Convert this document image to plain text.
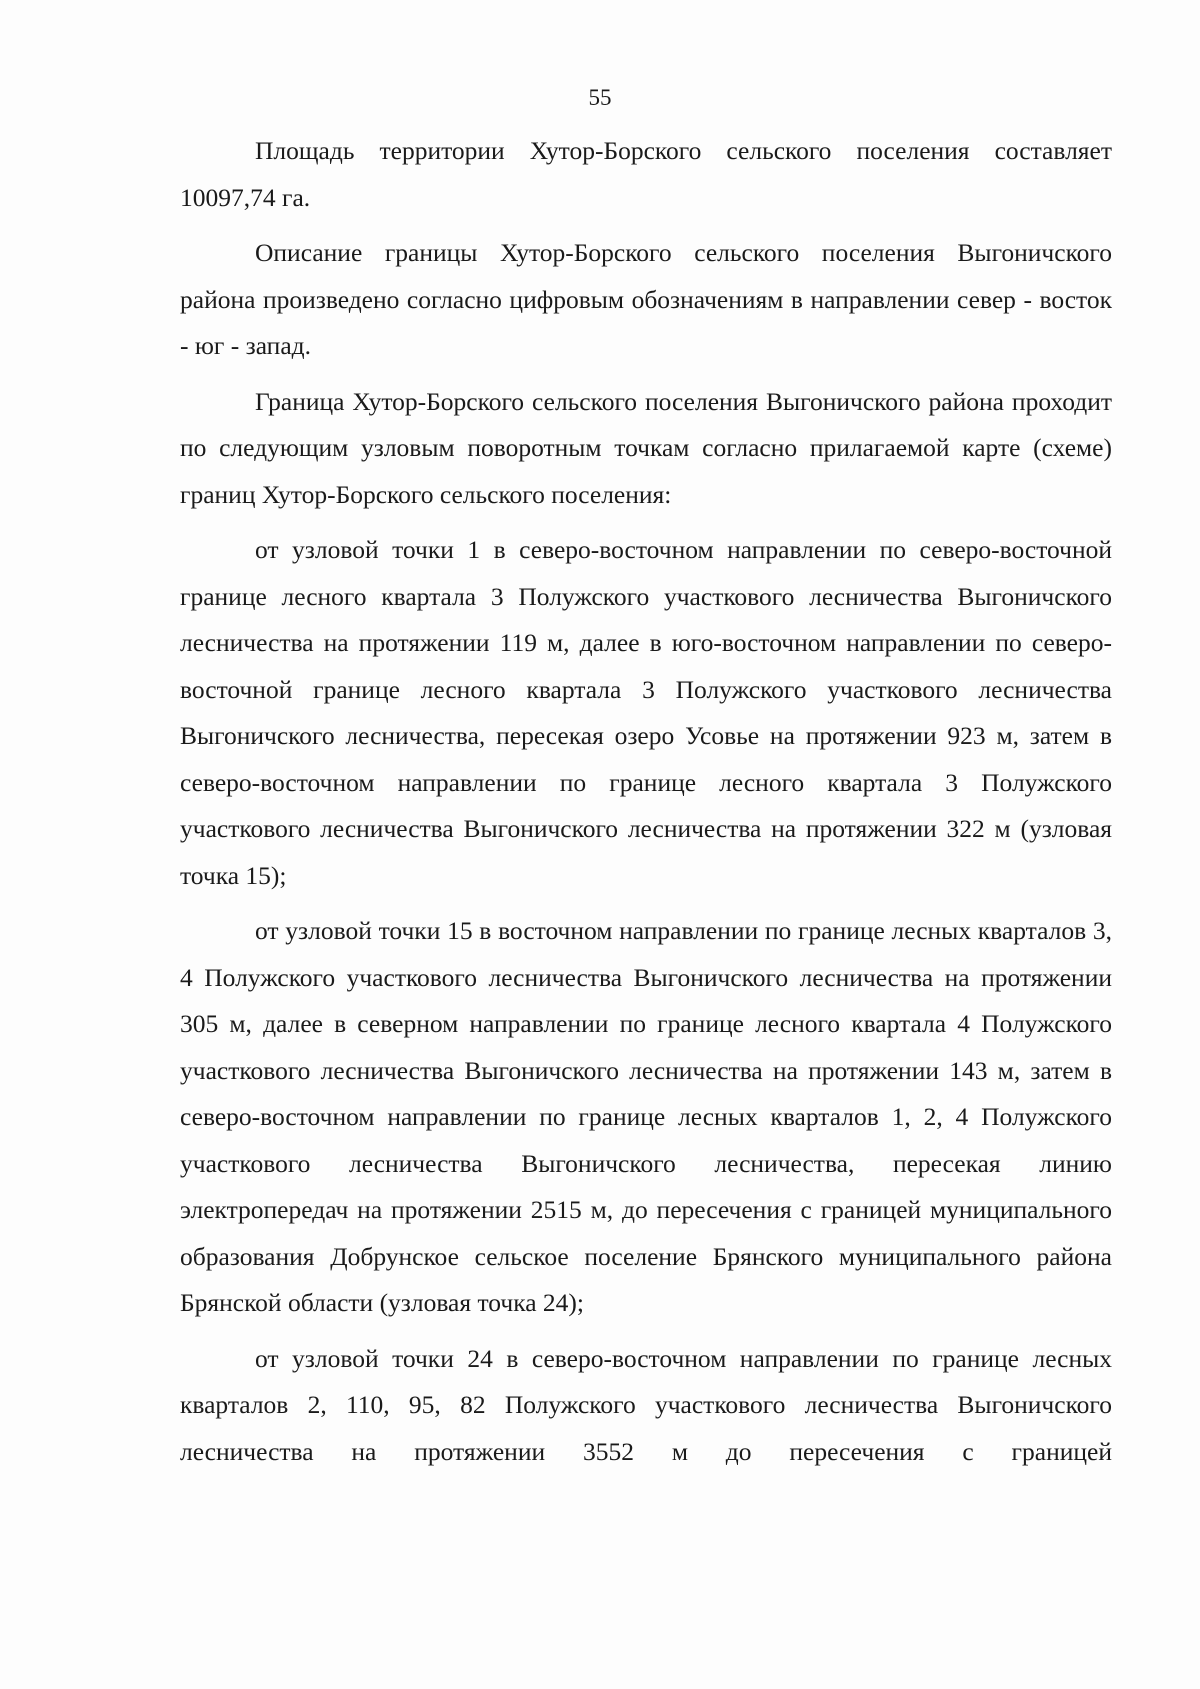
55

Площадь территории Хутор-Борского сельского поселения составляет 10097,74 га.

Описание границы Хутор-Борского сельского поселения Выгоничского района произведено согласно цифровым обозначениям в направлении север - восток - юг - запад.

Граница Хутор-Борского сельского поселения Выгоничского района проходит по следующим узловым поворотным точкам согласно прилагаемой карте (схеме) границ Хутор-Борского сельского поселения:

от узловой точки 1 в северо-восточном направлении по северо-восточной границе лесного квартала 3 Полужского участкового лесничества Выгоничского лесничества на протяжении 119 м, далее в юго-восточном направлении по северо-восточной границе лесного квартала 3 Полужского участкового лесничества Выгоничского лесничества, пересекая озеро Усовье на протяжении 923 м, затем в северо-восточном направлении по границе лесного квартала 3 Полужского участкового лесничества Выгоничского лесничества на протяжении 322 м (узловая точка 15);

от узловой точки 15 в восточном направлении по границе лесных кварталов 3, 4 Полужского участкового лесничества Выгоничского лесничества на протяжении 305 м, далее в северном направлении по границе лесного квартала 4 Полужского участкового лесничества Выгоничского лесничества на протяжении 143 м, затем в северо-восточном направлении по границе лесных кварталов 1, 2, 4 Полужского участкового лесничества Выгоничского лесничества, пересекая линию электропередач на протяжении 2515 м, до пересечения с границей муниципального образования Добрунское сельское поселение Брянского муниципального района Брянской области (узловая точка 24);

от узловой точки 24 в северо-восточном направлении по границе лесных кварталов 2, 110, 95, 82 Полужского участкового лесничества Выгоничского лесничества на протяжении 3552 м до пересечения с границей
